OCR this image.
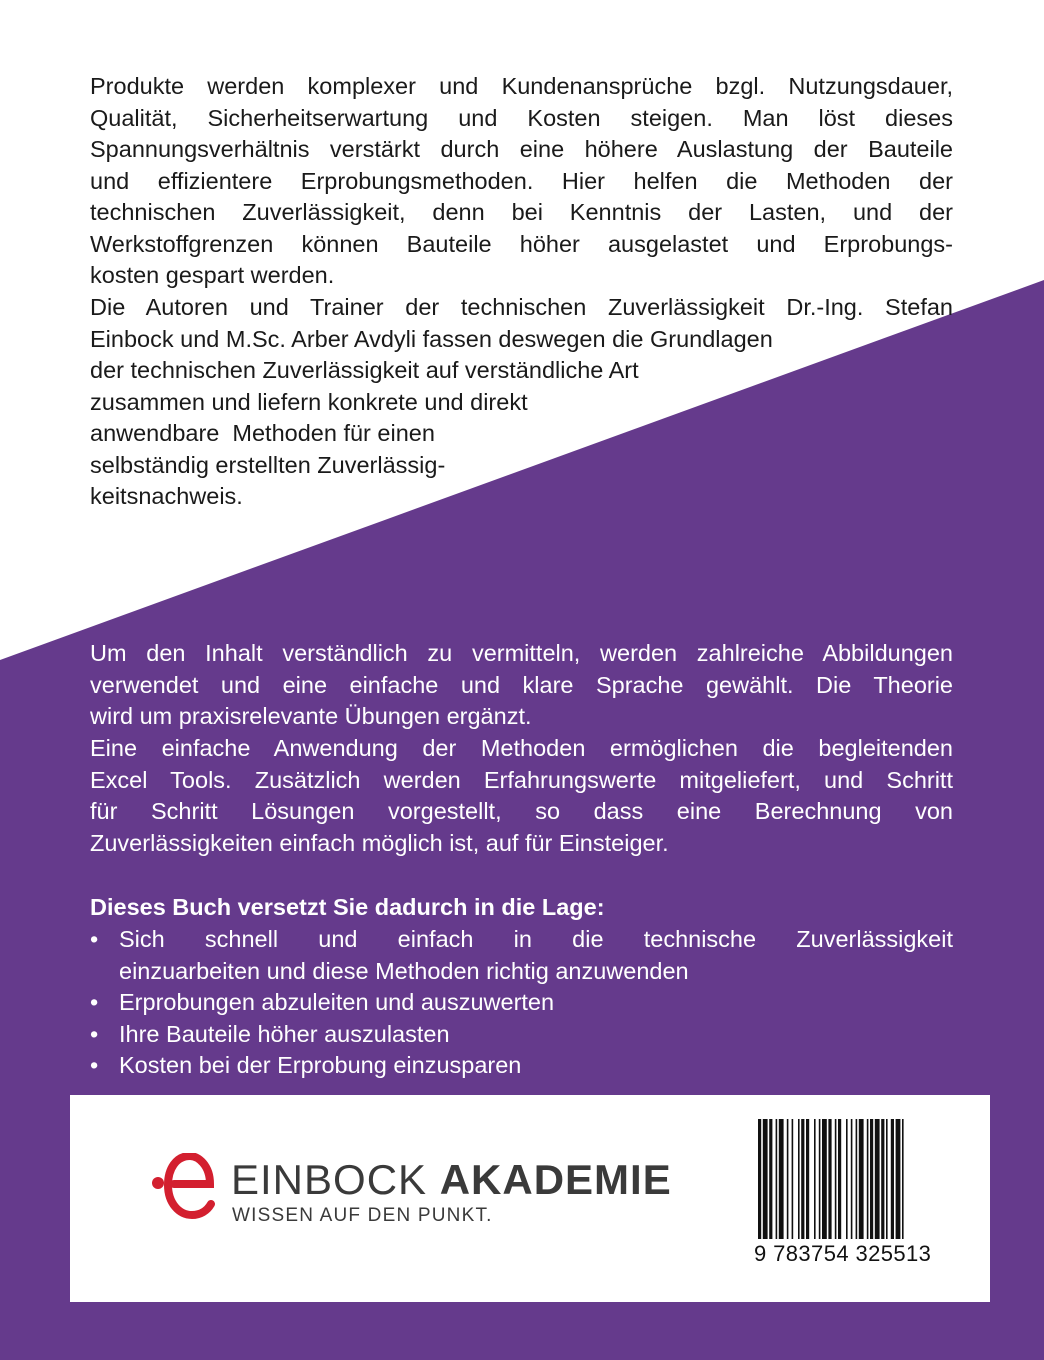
Produkte werden komplexer und Kundenansprüche bzgl. Nutzungsdauer,
Qualität, Sicherheitserwartung und Kosten steigen. Man löst dieses
Spannungsverhältnis verstärkt durch eine höhere Auslastung der Bauteile
und effizientere Erprobungsmethoden. Hier helfen die Methoden der
technischen Zuverlässigkeit, denn bei Kenntnis der Lasten, und der
Werkstoffgrenzen können Bauteile höher ausgelastet und Erprobungs-
kosten gespart werden.
Die Autoren und Trainer der technischen Zuverlässigkeit Dr.-Ing. Stefan
Einbock und M.Sc. Arber Avdyli fassen deswegen die Grundlagen
der technischen Zuverlässigkeit auf verständliche Art
zusammen und liefern konkrete und direkt
anwendbare  Methoden für einen
selbständig erstellten Zuverlässig-
keitsnachweis.
Um den Inhalt verständlich zu vermitteln, werden zahlreiche Abbildungen
verwendet und eine einfache und klare Sprache gewählt. Die Theorie
wird um praxisrelevante Übungen ergänzt.
Eine einfache Anwendung der Methoden ermöglichen die begleitenden
Excel Tools. Zusätzlich werden Erfahrungswerte mitgeliefert, und Schritt
für Schritt Lösungen vorgestellt, so dass eine Berechnung von
Zuverlässigkeiten einfach möglich ist, auf für Einsteiger.
Dieses Buch versetzt Sie dadurch in die Lage:
• Sich schnell und einfach in die technische Zuverlässigkeit
einzuarbeiten und diese Methoden richtig anzuwenden
• Erprobungen abzuleiten und auszuwerten
• Ihre Bauteile höher auszulasten
• Kosten bei der Erprobung einzusparen
EINBOCK AKADEMIE
WISSEN AUF DEN PUNKT.
9 783754 325513
